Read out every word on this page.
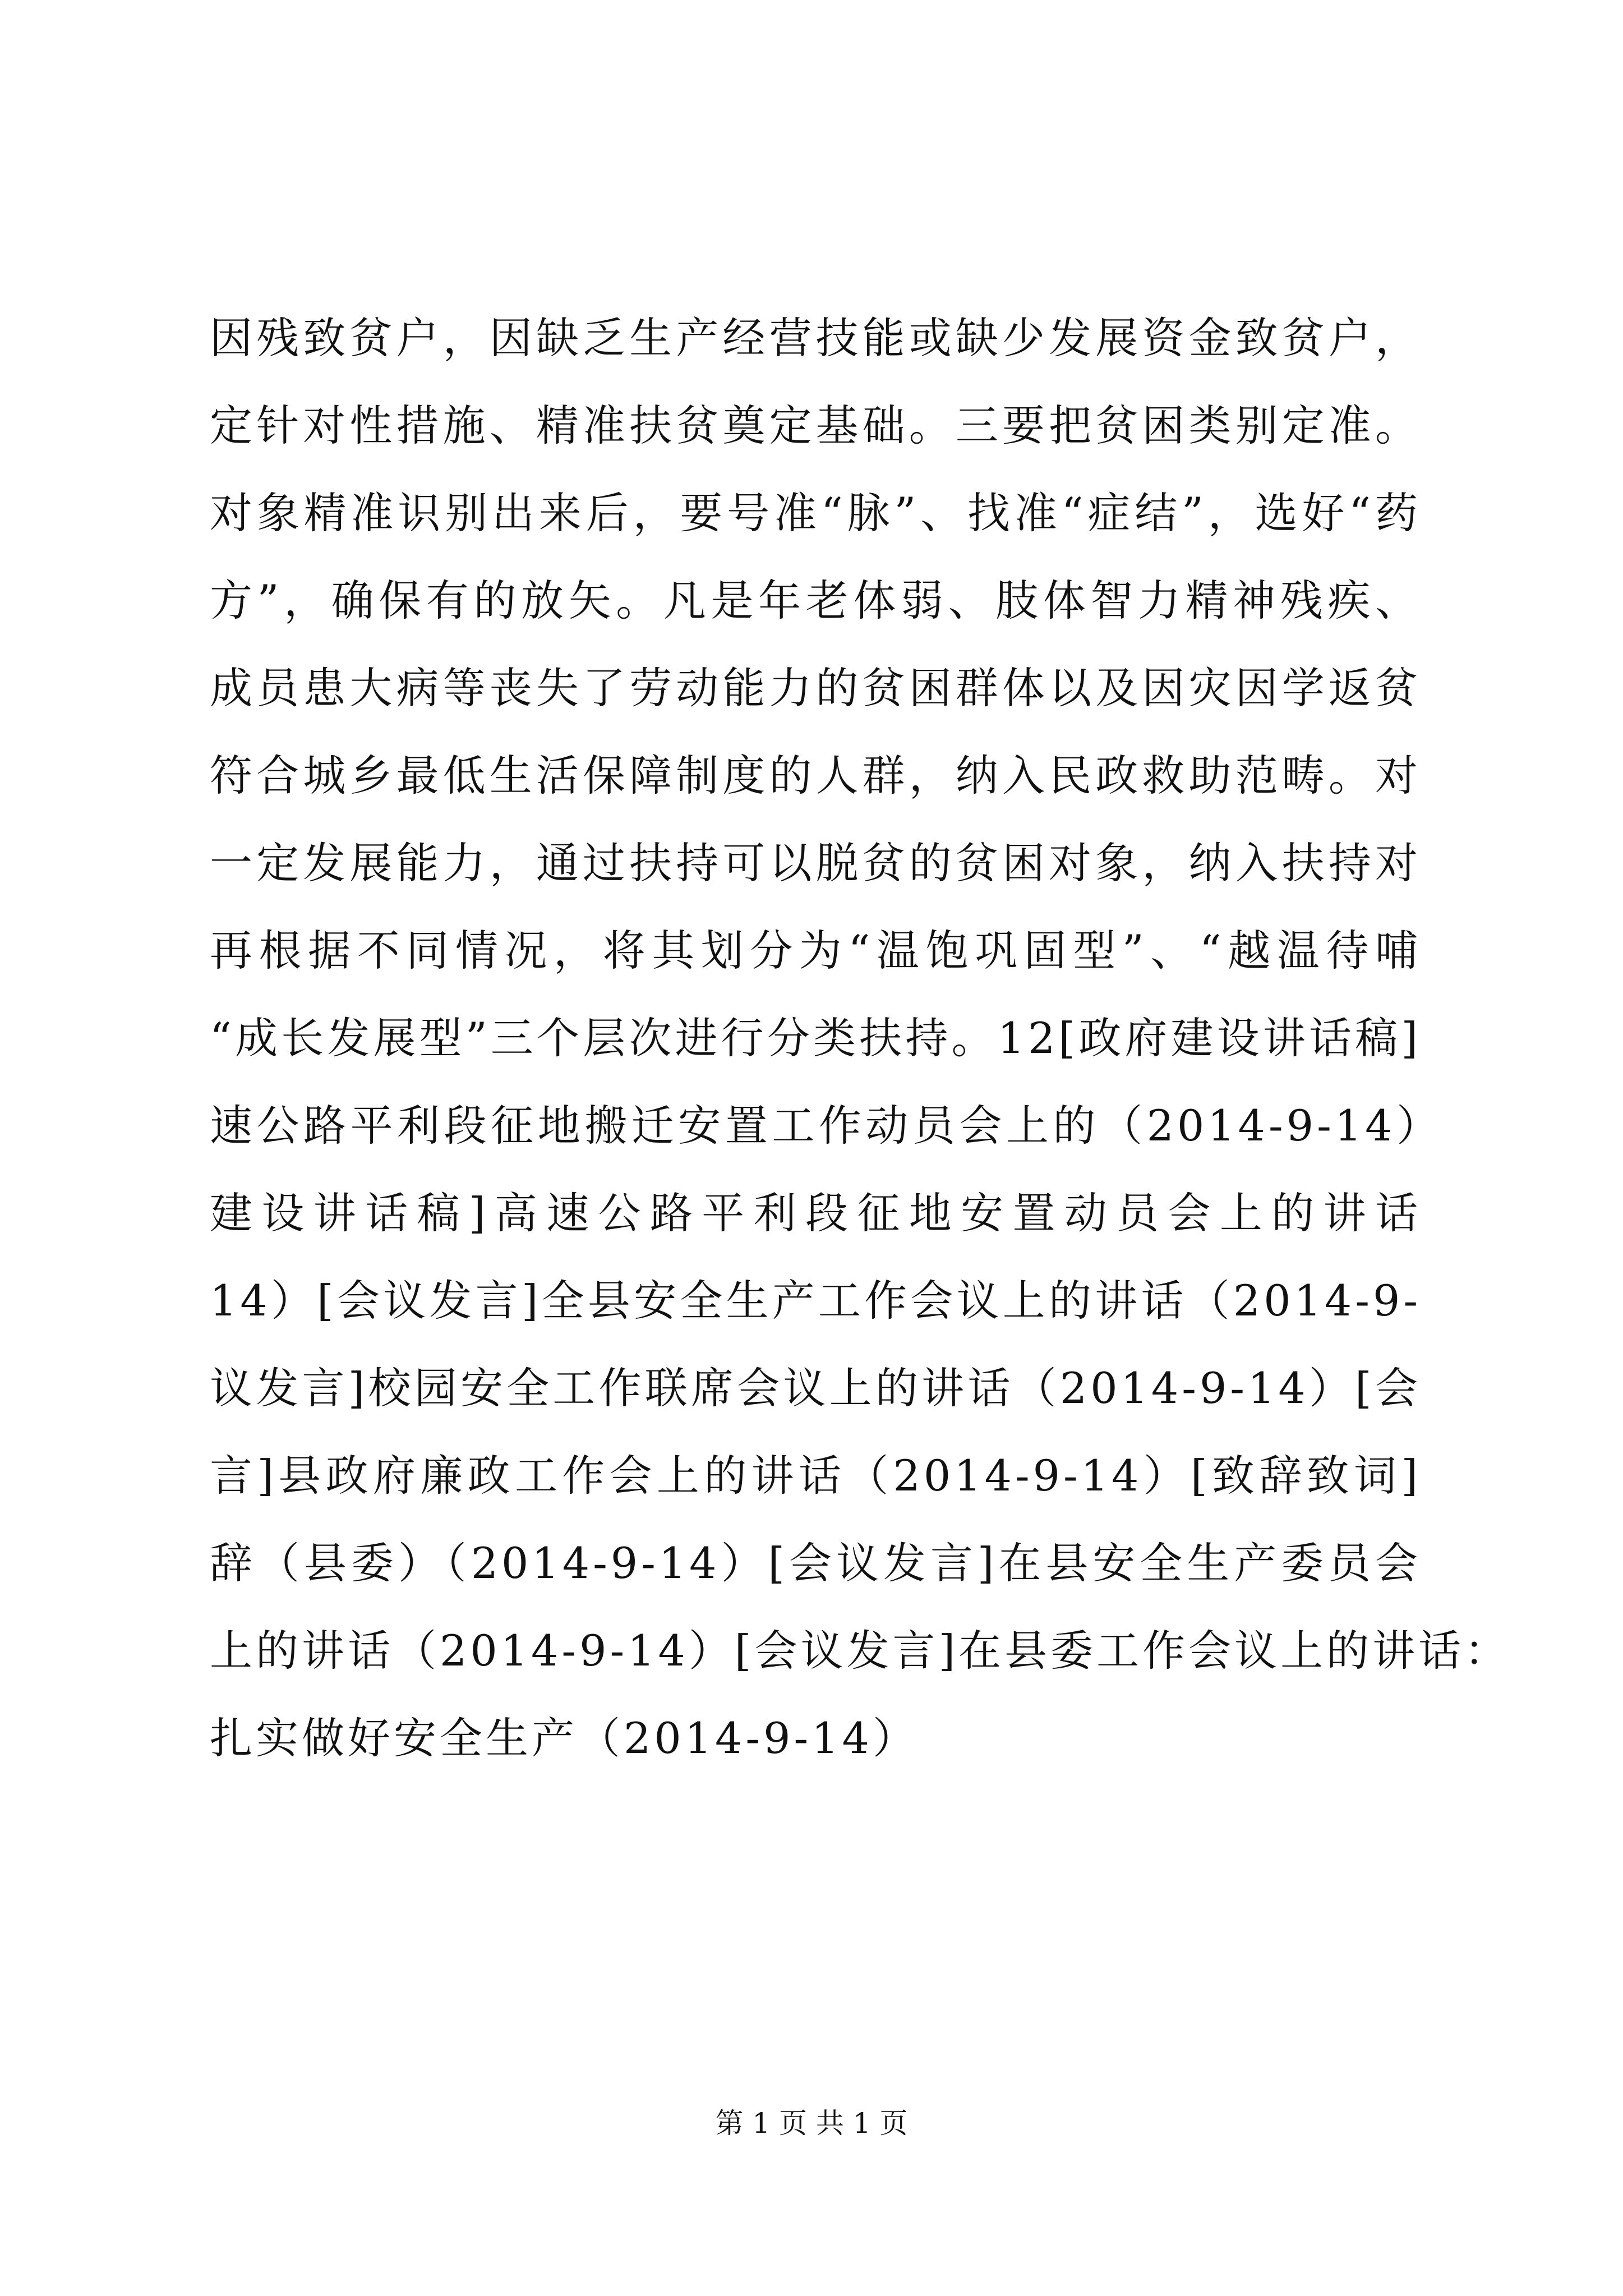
因残致贫户，因缺乏生产经营技能或缺少发展资金致贫户，
定针对性措施、精准扶贫奠定基础。三要把贫困类别定准。
对象精准识别出来后，要号准“脉”、找准“症结”，选好“药
方”，确保有的放矢。凡是年老体弱、肢体智力精神残疾、
成员患大病等丧失了劳动能力的贫困群体以及因灾因学返贫
符合城乡最低生活保障制度的人群，纳入民政救助范畴。对
一定发展能力，通过扶持可以脱贫的贫困对象，纳入扶持对
再根据不同情况，将其划分为“温饱巩固型”、“越温待哺
“成长发展型”三个层次进行分类扶持。12[政府建设讲话稿]
速公路平利段征地搬迁安置工作动员会上的（2014-9-14）
建设讲话稿]高速公路平利段征地安置动员会上的讲话
14）[会议发言]全县安全生产工作会议上的讲话（2014-9-
议发言]校园安全工作联席会议上的讲话（2014-9-14）[会
言]县政府廉政工作会上的讲话（2014-9-14）[致辞致词]
辞（县委）（2014-9-14）[会议发言]在县安全生产委员会
上的讲话（2014-9-14）[会议发言]在县委工作会议上的讲话：
扎实做好安全生产（2014-9-14）
第 1 页 共 1 页
